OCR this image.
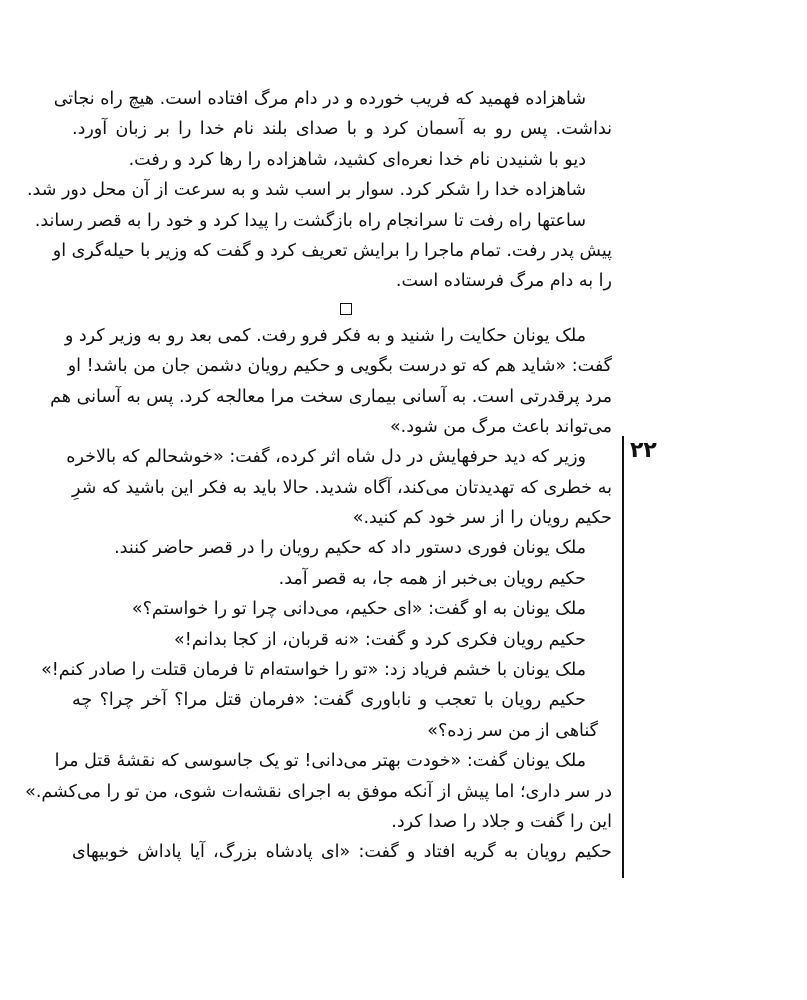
شاهزاده فهمید که فریب خورده و در دام مرگ افتاده است. هیچ راه نجاتی
نداشت. پس رو به آسمان کرد و با صدای بلند نام خدا را بر زبان آورد.
دیو با شنیدن نام خدا نعره‌ای کشید، شاهزاده را رها کرد و رفت.
شاهزاده خدا را شکر کرد. سوار بر اسب شد و به سرعت از آن محل دور شد.
ساعتها راه رفت تا سرانجام راه بازگشت را پیدا کرد و خود را به قصر رساند.
پیش پدر رفت. تمام ماجرا را برایش تعریف کرد و گفت که وزیر با حیله‌گری او
را به دام مرگ فرستاده است.
ملک یونان حکایت را شنید و به فکر فرو رفت. کمی بعد رو به وزیر کرد و
گفت: «شاید هم که تو درست بگویی و حکیم رویان دشمن جان من باشد! او
مرد پرقدرتی است. به آسانی بیماری سخت مرا معالجه کرد. پس به آسانی هم
می‌تواند باعث مرگ من شود.»
وزیر که دید حرفهایش در دل شاه اثر کرده، گفت: «خوشحالم که بالاخره
به خطری که تهدیدتان می‌کند، آگاه شدید. حالا باید به فکر این باشید که شرِ
حکیم رویان را از سر خود کم کنید.»
ملک یونان فوری دستور داد که حکیم رویان را در قصر حاضر کنند.
حکیم رویان بی‌خبر از همه جا، به قصر آمد.
ملک یونان به او گفت: «ای حکیم، می‌دانی چرا تو را خواستم؟»
حکیم رویان فکری کرد و گفت: «نه قربان، از کجا بدانم!»
ملک یونان با خشم فریاد زد: «تو را خواسته‌ام تا فرمان قتلت را صادر کنم!»
حکیم رویان با تعجب و ناباوری گفت: «فرمان قتل مرا؟ آخر چرا؟ چه
گناهی از من سر زده؟»
ملک یونان گفت: «خودت بهتر می‌دانی! تو یک جاسوسی که نقشهٔ قتل مرا
در سر داری؛ اما پیش از آنکه موفق به اجرای نقشه‌ات شوی، من تو را می‌کشم.»
این را گفت و جلاد را صدا کرد.
حکیم رویان به گریه افتاد و گفت: «ای پادشاه بزرگ، آیا پاداش خوبیهای
۲۲
